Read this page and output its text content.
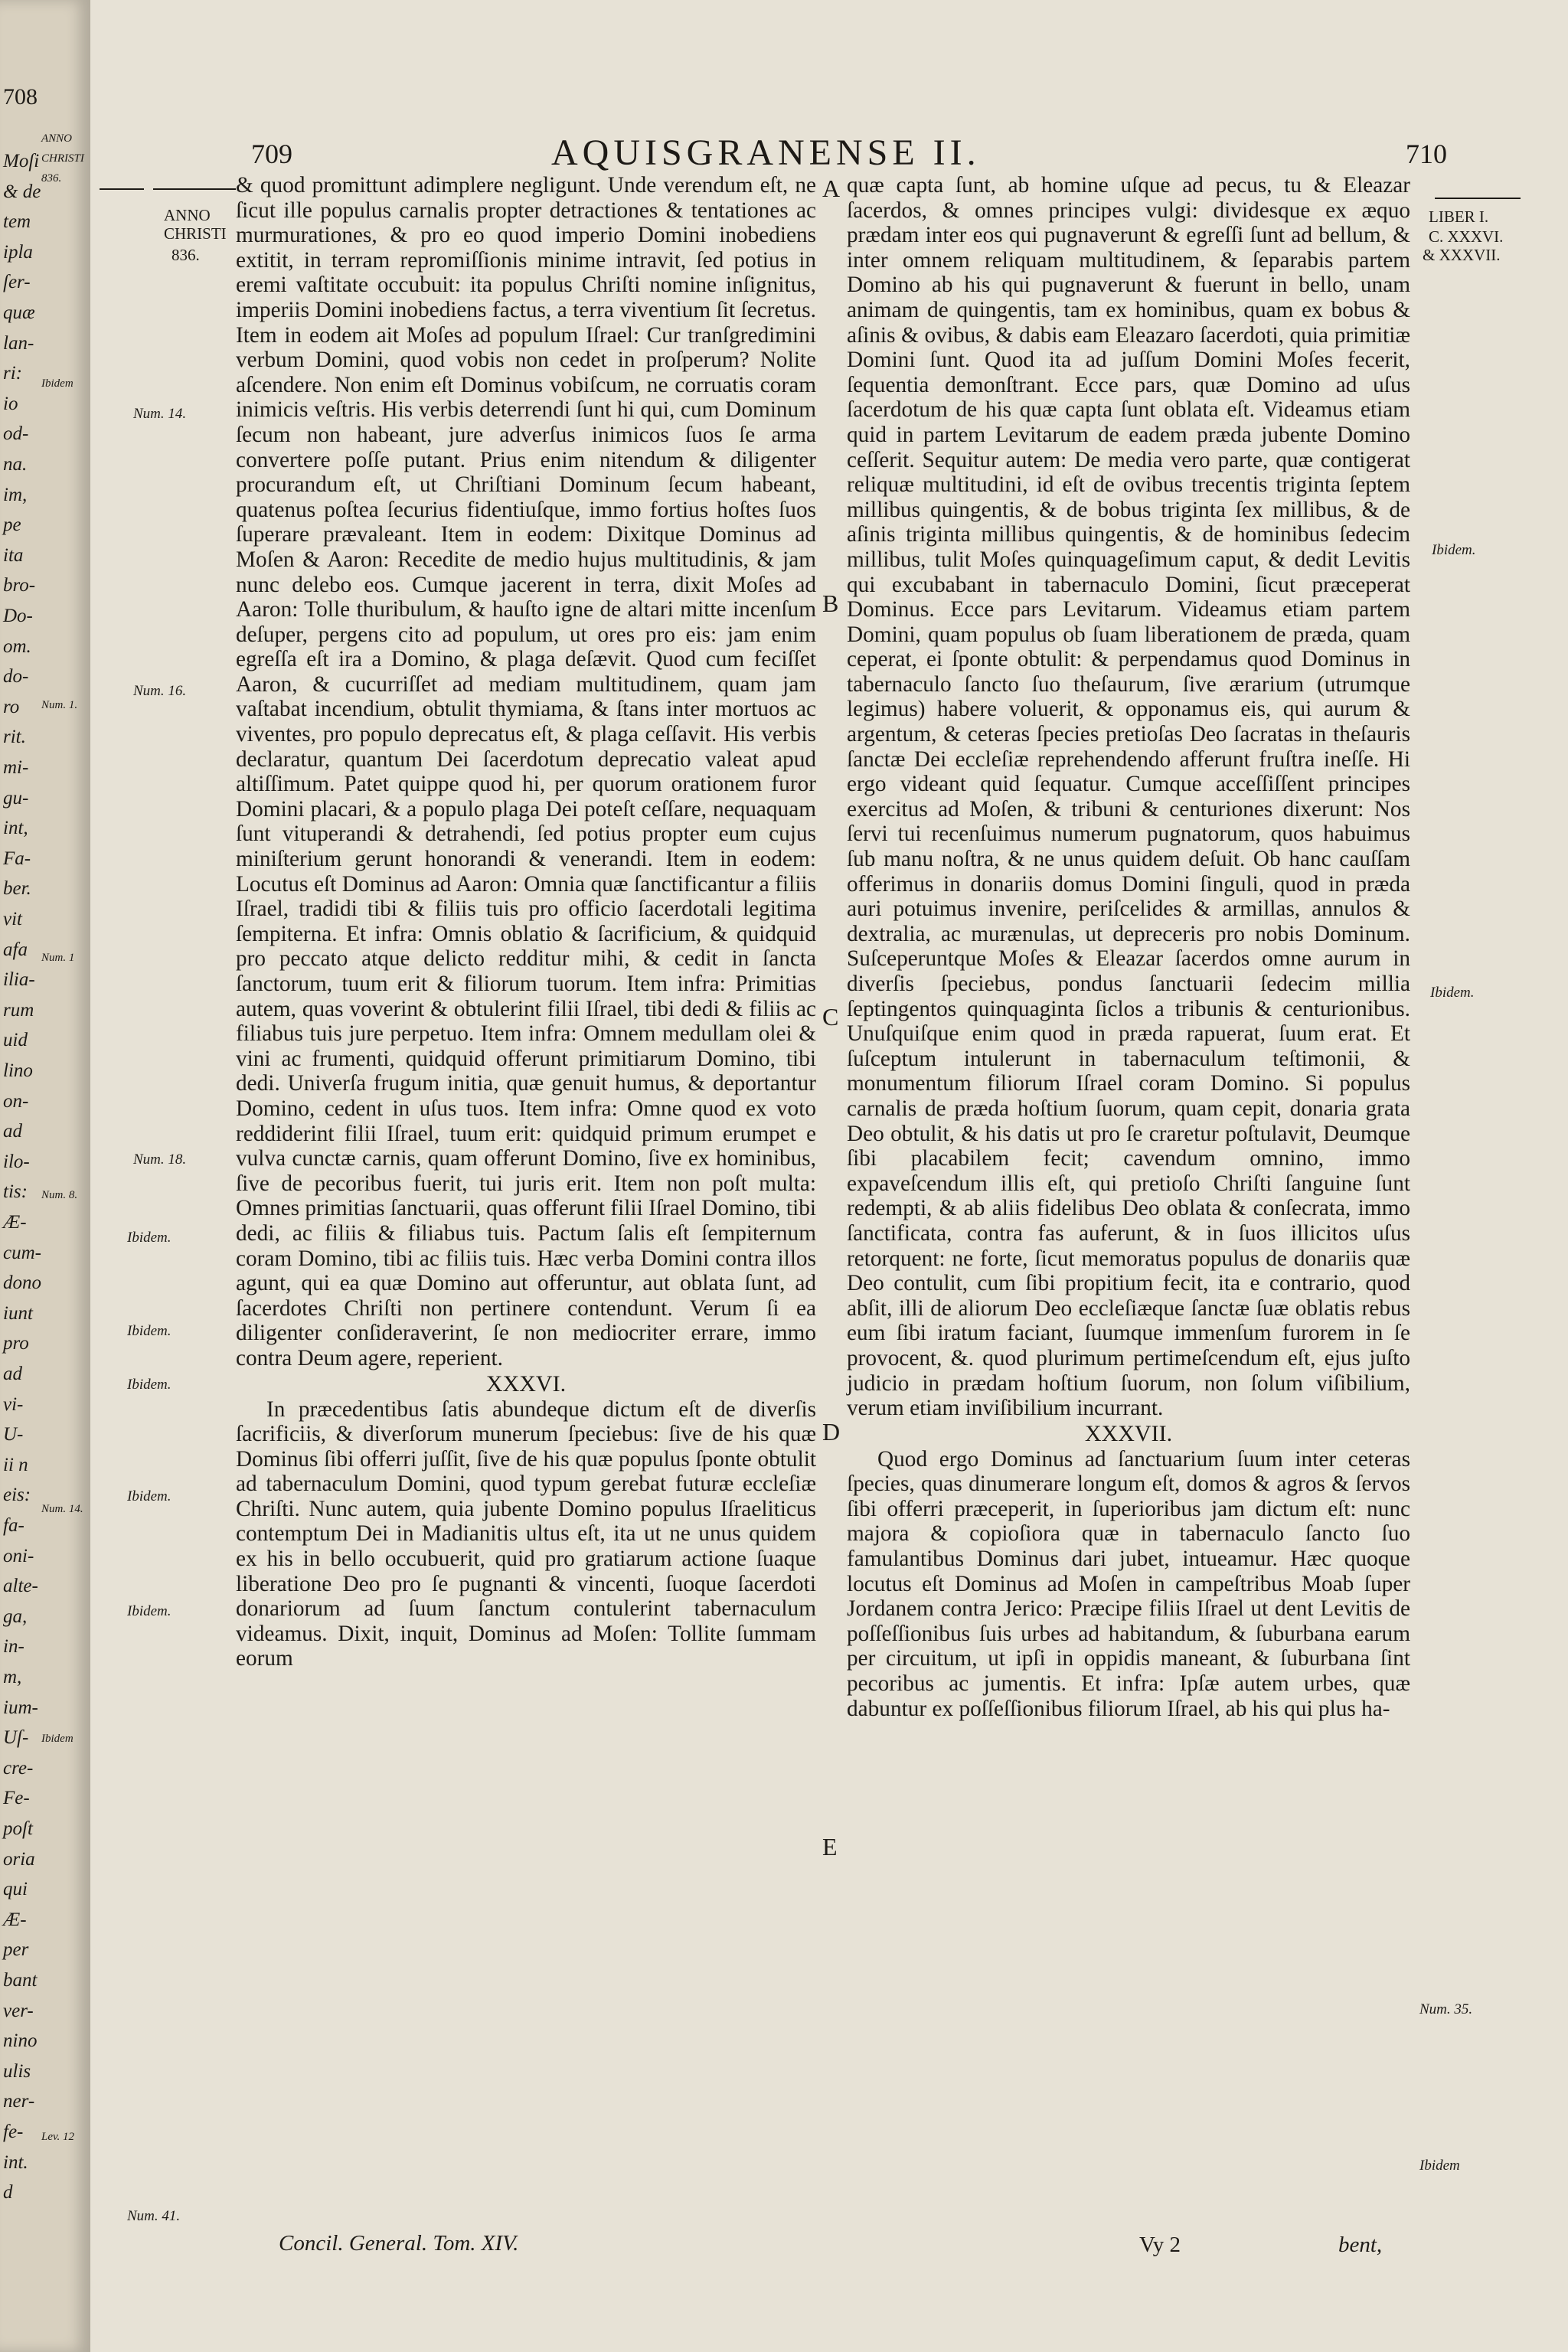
708
Moſi
& de
tem
ipla
ſer-
quæ
lan-
ri:
io
od-
na.
im,
pe
ita
bro-
Do-
om.
do-
ro
rit.
mi-
gu-
int,
Fa-
ber.
vit
afa
ilia-
rum
uid
lino
on-
ad
ilo-
tis:
Æ-
cum-
dono
iunt
pro
ad
vi-
U-
ii n
eis:
fa-
oni-
alte-
ga,
in-
m,
ium-
Uſ-
cre-
Fe-
poſt
oria
qui
Æ-
per
bant
ver-
nino
ulis
ner-
fe-
int.
d
ANNO
CHRISTI
836.
Ibidem
Num. 1.
Num. 1
Num. 8.
Num. 14.
Ibidem
Lev. 12
709	AQUISGRANENSE II.	710
ANNO
CHRISTI
836.
Num. 14.
Num. 16.
Num. 18.
Ibidem.
Ibidem.
Ibidem.
Ibidem.
Ibidem.
Num. 41.
LIBER I.
C. XXXVI.
& XXXVII.
Ibidem.
Ibidem.
Num. 35.
Ibidem
A
B
C
D
E

& quod promittunt adimplere negligunt. Unde verendum eſt, ne ſicut ille populus carnalis propter detractiones & tentationes ac murmurationes, & pro eo quod imperio Domini inobediens extitit, in terram repromiſſionis minime intravit, ſed potius in eremi vaſtitate occubuit: ita populus Chriſti nomine inſignitus, imperiis Domini inobediens factus, a terra viventium ſit ſecretus. Item in eodem ait Moſes ad populum Iſrael: Cur tranſgredimini verbum Domini, quod vobis non cedet in proſperum? Nolite aſcendere. Non enim eſt Dominus vobiſcum, ne corruatis coram inimicis veſtris. His verbis deterrendi ſunt hi qui, cum Dominum ſecum non habeant, jure adverſus inimicos ſuos ſe arma convertere poſſe putant. Prius enim nitendum & diligenter procurandum eſt, ut Chriſtiani Dominum ſecum habeant, quatenus poſtea ſecurius fidentiuſque, immo fortius hoſtes ſuos ſuperare prævaleant. Item in eodem: Dixitque Dominus ad Moſen & Aaron: Recedite de medio hujus multitudinis, & jam nunc delebo eos. Cumque jacerent in terra, dixit Moſes ad Aaron: Tolle thuribulum, & hauſto igne de altari mitte incenſum deſuper, pergens cito ad populum, ut ores pro eis: jam enim egreſſa eſt ira a Domino, & plaga deſævit. Quod cum feciſſet Aaron, & cucurriſſet ad mediam multitudinem, quam jam vaſtabat incendium, obtulit thymiama, & ſtans inter mortuos ac viventes, pro populo deprecatus eſt, & plaga ceſſavit. His verbis declaratur, quantum Dei ſacerdotum deprecatio valeat apud altiſſimum. Patet quippe quod hi, per quorum orationem furor Domini placari, & a populo plaga Dei poteſt ceſſare, nequaquam ſunt vituperandi & detrahendi, ſed potius propter eum cujus miniſterium gerunt honorandi & venerandi. Item in eodem: Locutus eſt Dominus ad Aaron: Omnia quæ ſanctificantur a filiis Iſrael, tradidi tibi & filiis tuis pro officio ſacerdotali legitima ſempiterna. Et infra: Omnis oblatio & ſacrificium, & quidquid pro peccato atque delicto redditur mihi, & cedit in ſancta ſanctorum, tuum erit & filiorum tuorum. Item infra: Primitias autem, quas voverint & obtulerint filii Iſrael, tibi dedi & filiis ac filiabus tuis jure perpetuo. Item infra: Omnem medullam olei & vini ac frumenti, quidquid offerunt primitiarum Domino, tibi dedi. Univerſa frugum initia, quæ genuit humus, & deportantur Domino, cedent in uſus tuos. Item infra: Omne quod ex voto reddiderint filii Iſrael, tuum erit: quidquid primum erumpet e vulva cunctæ carnis, quam offerunt Domino, ſive ex hominibus, ſive de pecoribus fuerit, tui juris erit. Item non poſt multa: Omnes primitias ſanctuarii, quas offerunt filii Iſrael Domino, tibi dedi, ac filiis & filiabus tuis. Pactum ſalis eſt ſempiternum coram Domino, tibi ac filiis tuis. Hæc verba Domini contra illos agunt, qui ea quæ Domino aut offeruntur, aut oblata ſunt, ad ſacerdotes Chriſti non pertinere contendunt. Verum ſi ea diligenter conſideraverint, ſe non mediocriter errare, immo contra Deum agere, reperient.

XXXVI.

In præcedentibus ſatis abundeque dictum eſt de diverſis ſacrificiis, & diverſorum munerum ſpeciebus: ſive de his quæ Dominus ſibi offerri juſſit, ſive de his quæ populus ſponte obtulit ad tabernaculum Domini, quod typum gerebat futuræ eccleſiæ Chriſti. Nunc autem, quia jubente Domino populus Iſraeliticus contemptum Dei in Madianitis ultus eſt, ita ut ne unus quidem ex his in bello occubuerit, quid pro gratiarum actione ſuaque liberatione Deo pro ſe pugnanti & vincenti, ſuoque ſacerdoti donariorum ad ſuum ſanctum contulerint tabernaculum videamus. Dixit, inquit, Dominus ad Moſen: Tollite ſummam eorum

quæ capta ſunt, ab homine uſque ad pecus, tu & Eleazar ſacerdos, & omnes principes vulgi: dividesque ex æquo prædam inter eos qui pugnaverunt & egreſſi ſunt ad bellum, & inter omnem reliquam multitudinem, & ſeparabis partem Domino ab his qui pugnaverunt & fuerunt in bello, unam animam de quingentis, tam ex hominibus, quam ex bobus & aſinis & ovibus, & dabis eam Eleazaro ſacerdoti, quia primitiæ Domini ſunt. Quod ita ad juſſum Domini Moſes fecerit, ſequentia demonſtrant. Ecce pars, quæ Domino ad uſus ſacerdotum de his quæ capta ſunt oblata eſt. Videamus etiam quid in partem Levitarum de eadem præda jubente Domino ceſſerit. Sequitur autem: De media vero parte, quæ contigerat reliquæ multitudini, id eſt de ovibus trecentis triginta ſeptem millibus quingentis, & de bobus triginta ſex millibus, & de aſinis triginta millibus quingentis, & de hominibus ſedecim millibus, tulit Moſes quinquageſimum caput, & dedit Levitis qui excubabant in tabernaculo Domini, ſicut præceperat Dominus. Ecce pars Levitarum. Videamus etiam partem Domini, quam populus ob ſuam liberationem de præda, quam ceperat, ei ſponte obtulit: & perpendamus quod Dominus in tabernaculo ſancto ſuo theſaurum, ſive ærarium (utrumque legimus) habere voluerit, & opponamus eis, qui aurum & argentum, & ceteras ſpecies pretioſas Deo ſacratas in theſauris ſanctæ Dei eccleſiæ reprehendendo afferunt fruſtra ineſſe. Hi ergo videant quid ſequatur. Cumque acceſſiſſent principes exercitus ad Moſen, & tribuni & centuriones dixerunt: Nos ſervi tui recenſuimus numerum pugnatorum, quos habuimus ſub manu noſtra, & ne unus quidem deſuit. Ob hanc cauſſam offerimus in donariis domus Domini ſinguli, quod in præda auri potuimus invenire, periſcelides & armillas, annulos & dextralia, ac murænulas, ut depreceris pro nobis Dominum. Suſceperuntque Moſes & Eleazar ſacerdos omne aurum in diverſis ſpeciebus, pondus ſanctuarii ſedecim millia ſeptingentos quinquaginta ſiclos a tribunis & centurionibus. Unuſquiſque enim quod in præda rapuerat, ſuum erat. Et ſuſceptum intulerunt in tabernaculum teſtimonii, & monumentum filiorum Iſrael coram Domino. Si populus carnalis de præda hoſtium ſuorum, quam cepit, donaria grata Deo obtulit, & his datis ut pro ſe craretur poſtulavit, Deumque ſibi placabilem fecit; cavendum omnino, immo expaveſcendum illis eſt, qui pretioſo Chriſti ſanguine ſunt redempti, & ab aliis fidelibus Deo oblata & conſecrata, immo ſanctificata, contra fas auferunt, & in ſuos illicitos uſus retorquent: ne forte, ſicut memoratus populus de donariis quæ Deo contulit, cum ſibi propitium fecit, ita e contrario, quod abſit, illi de aliorum Deo eccleſiæque ſanctæ ſuæ oblatis rebus eum ſibi iratum faciant, ſuumque immenſum furorem in ſe provocent, &. quod plurimum pertimeſcendum eſt, ejus juſto judicio in prædam hoſtium ſuorum, non ſolum viſibilium, verum etiam inviſibilium incurrant.

XXXVII.

Quod ergo Dominus ad ſanctuarium ſuum inter ceteras ſpecies, quas dinumerare longum eſt, domos & agros & ſervos ſibi offerri præceperit, in ſuperioribus jam dictum eſt: nunc majora & copioſiora quæ in tabernaculo ſancto ſuo famulantibus Dominus dari jubet, intueamur. Hæc quoque locutus eſt Dominus ad Moſen in campeſtribus Moab ſuper Jordanem contra Jerico: Præcipe filiis Iſrael ut dent Levitis de poſſeſſionibus ſuis urbes ad habitandum, & ſuburbana earum per circuitum, ut ipſi in oppidis maneant, & ſuburbana ſint pecoribus ac jumentis. Et infra: Ipſæ autem urbes, quæ dabuntur ex poſſeſſionibus filiorum Iſrael, ab his qui plus ha-

Concil. General. Tom. XIV.	Vy 2	bent,
